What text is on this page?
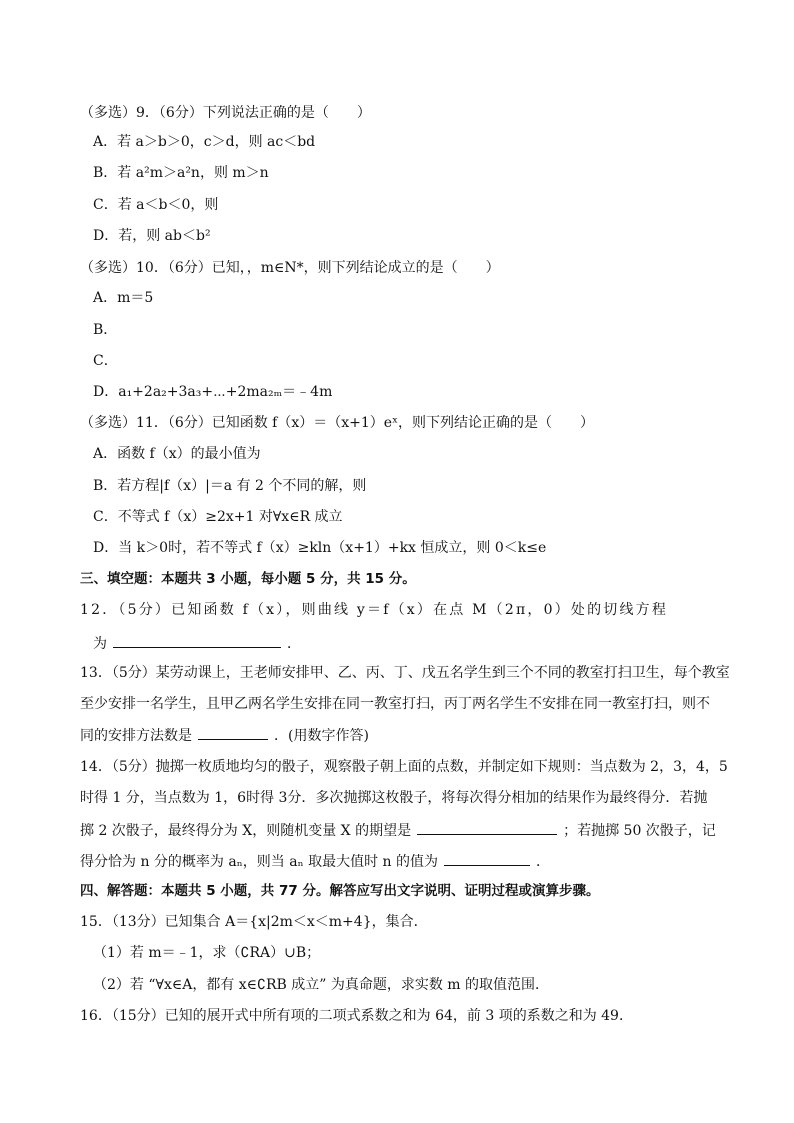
（多选）9．（6分）下列说法正确的是（　　）
A．若 a＞b＞0，c＞d，则 ac＜bd
B．若 a²m＞a²n，则 m＞n
C．若 a＜b＜0，则
D．若，则 ab＜b²
（多选）10．（6分）已知，，m∈N*，则下列结论成立的是（　　）
A．m＝5
B．
C．
D．a₁+2a₂+3a₃+⋯+2ma₂ₘ＝﹣4m
（多选）11．（6分）已知函数 f（x）＝（x+1）eˣ，则下列结论正确的是（　　）
A．函数 f（x）的最小值为
B．若方程|f（x）|＝a 有 2 个不同的解，则
C．不等式 f（x）≥2x+1 对∀x∈R 成立
D．当 k＞0时，若不等式 f（x）≥kln（x+1）+kx 恒成立，则 0＜k≤e
三、填空题：本题共 3 小题，每小题 5 分，共 15 分。
12．（5分）已知函数 f（x），则曲线 y＝f（x）在点 M（2π，0）处的切线方程
为	．
13．（5分）某劳动课上，王老师安排甲、乙、丙、丁、戊五名学生到三个不同的教室打扫卫生，每个教室
至少安排一名学生，且甲乙两名学生安排在同一教室打扫，丙丁两名学生不安排在同一教室打扫，则不
同的安排方法数是	．(用数字作答)
14．（5分）抛掷一枚质地均匀的骰子，观察骰子朝上面的点数，并制定如下规则：当点数为 2，3，4，5
时得 1 分，当点数为 1，6时得 3分．多次抛掷这枚骰子，将每次得分相加的结果作为最终得分．若抛
掷 2 次骰子，最终得分为 X，则随机变量 X 的期望是	；若抛掷 50 次骰子，记
得分恰为 n 分的概率为 aₙ，则当 aₙ 取最大值时 n 的值为	．
四、解答题：本题共 5 小题，共 77 分。解答应写出文字说明、证明过程或演算步骤。
15．（13分）已知集合 A＝{x|2m＜x＜m+4}，集合．
（1）若 m＝﹣1，求（∁RA）∪B；
（2）若 “∀x∈A，都有 x∈∁RB 成立” 为真命题，求实数 m 的取值范围．
16．（15分）已知的展开式中所有项的二项式系数之和为 64，前 3 项的系数之和为 49．
